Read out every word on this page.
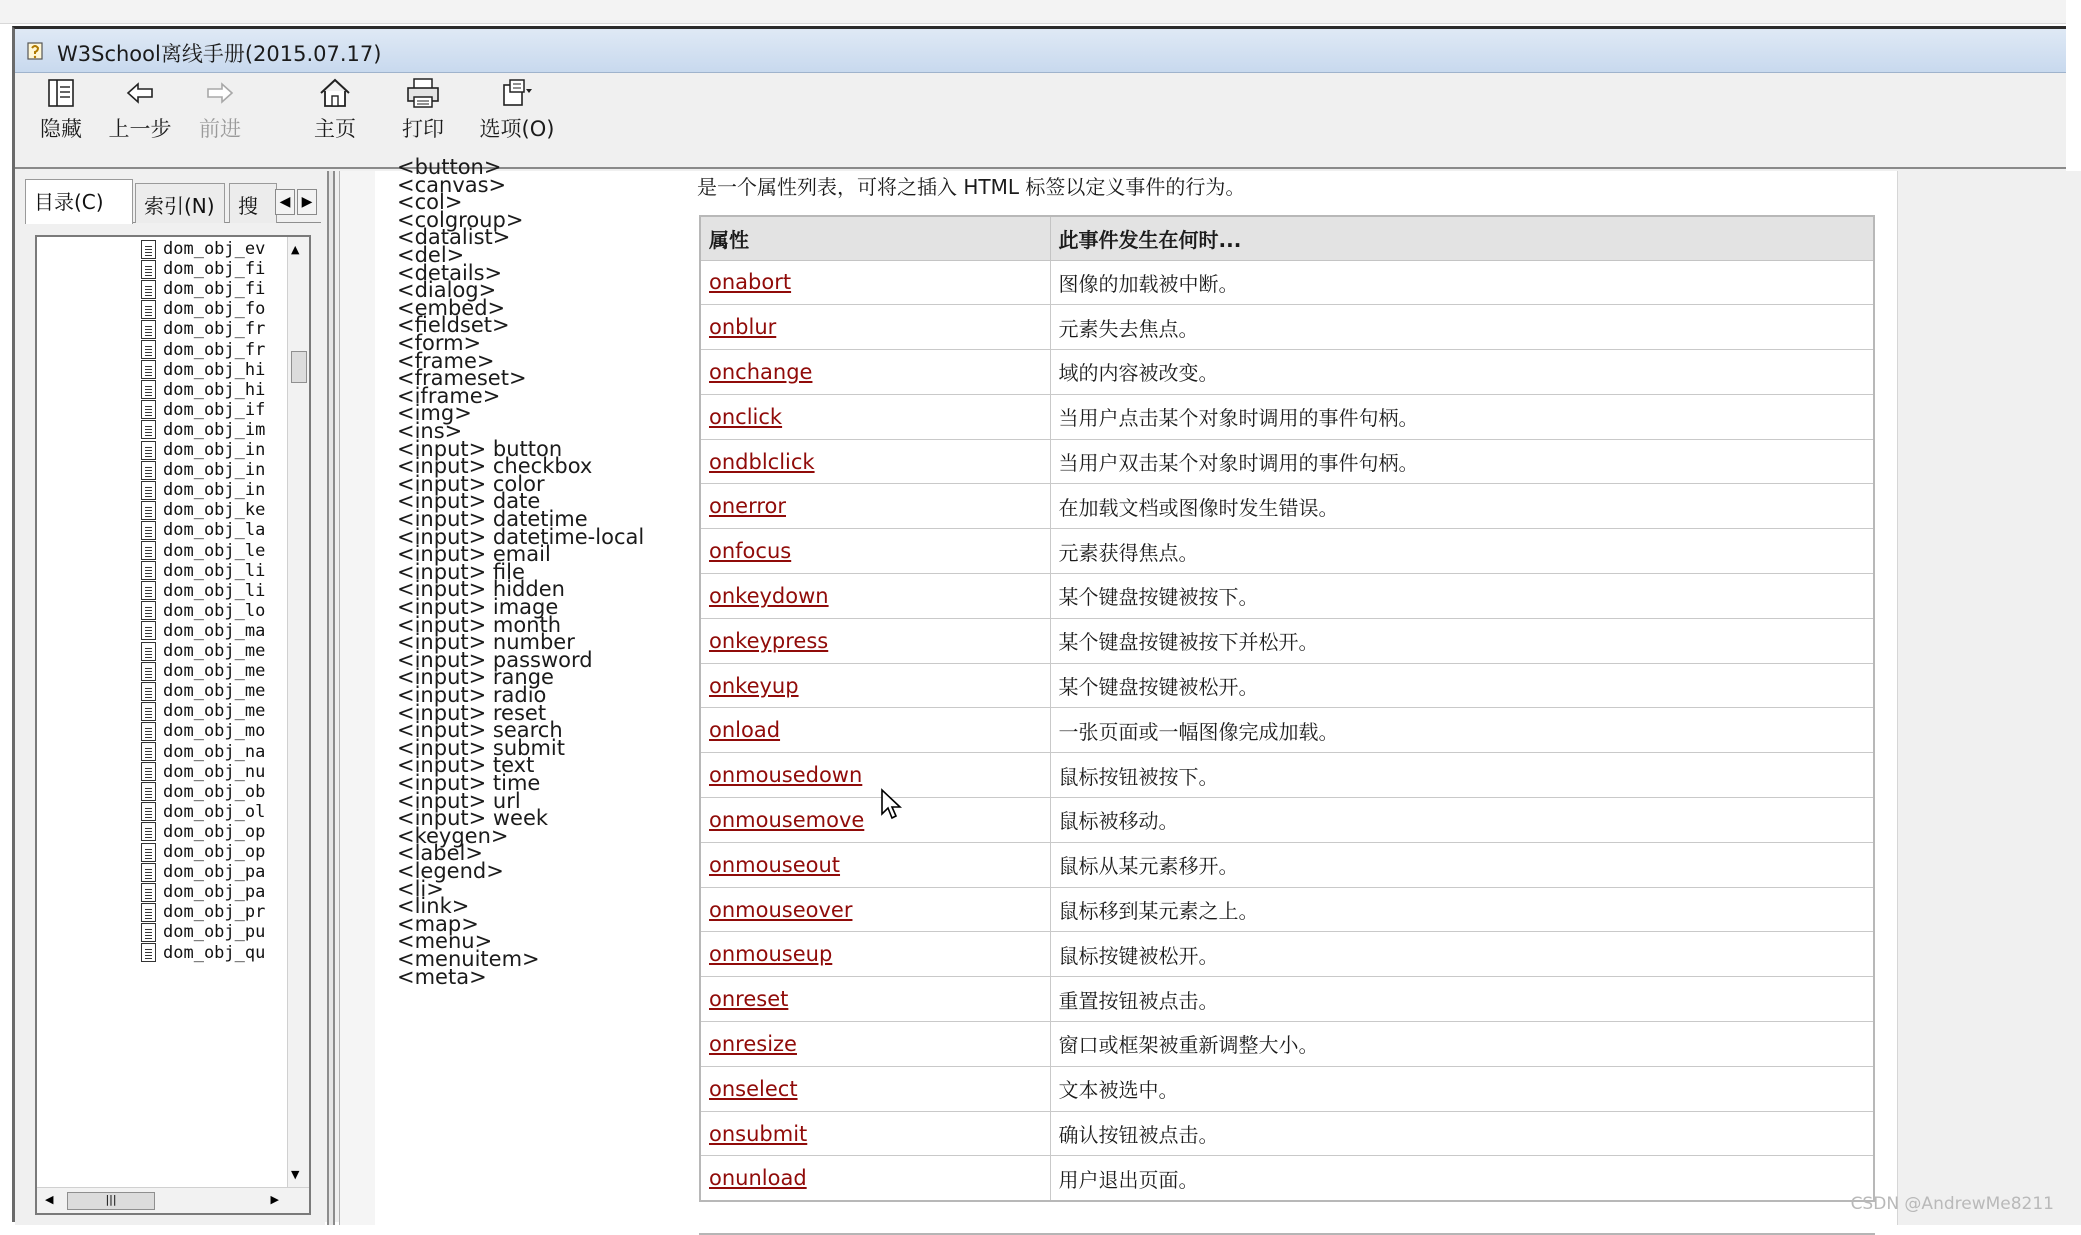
W3School离线手册(2015.07.17)
隐藏	上一步	前进	主页	打印	选项(O)
目录(C)	索引(N)	搜	◀ ▶
dom_obj_ev
dom_obj_fi
dom_obj_fi
dom_obj_fo
dom_obj_fr
dom_obj_fr
dom_obj_hi
dom_obj_hi
dom_obj_if
dom_obj_im
dom_obj_in
dom_obj_in
dom_obj_in
dom_obj_ke
dom_obj_la
dom_obj_le
dom_obj_li
dom_obj_li
dom_obj_lo
dom_obj_ma
dom_obj_me
dom_obj_me
dom_obj_me
dom_obj_me
dom_obj_mo
dom_obj_na
dom_obj_nu
dom_obj_ob
dom_obj_ol
dom_obj_op
dom_obj_op
dom_obj_pa
dom_obj_pa
dom_obj_pr
dom_obj_pu
dom_obj_qu
▲
▼
◀	|||	▶
<button>
<canvas>
<col>
<colgroup>
<datalist>
<del>
<details>
<dialog>
<embed>
<fieldset>
<form>
<frame>
<frameset>
<iframe>
<img>
<ins>
<input> button
<input> checkbox
<input> color
<input> date
<input> datetime
<input> datetime-local
<input> email
<input> file
<input> hidden
<input> image
<input> month
<input> number
<input> password
<input> range
<input> radio
<input> reset
<input> search
<input> submit
<input> text
<input> time
<input> url
<input> week
<keygen>
<label>
<legend>
<li>
<link>
<map>
<menu>
<menuitem>
<meta>
是一个属性列表，可将之插入 HTML 标签以定义事件的行为。
属性	此事件发生在何时...
onabort	图像的加载被中断。
onblur	元素失去焦点。
onchange	域的内容被改变。
onclick	当用户点击某个对象时调用的事件句柄。
ondblclick	当用户双击某个对象时调用的事件句柄。
onerror	在加载文档或图像时发生错误。
onfocus	元素获得焦点。
onkeydown	某个键盘按键被按下。
onkeypress	某个键盘按键被按下并松开。
onkeyup	某个键盘按键被松开。
onload	一张页面或一幅图像完成加载。
onmousedown	鼠标按钮被按下。
onmousemove	鼠标被移动。
onmouseout	鼠标从某元素移开。
onmouseover	鼠标移到某元素之上。
onmouseup	鼠标按键被松开。
onreset	重置按钮被点击。
onresize	窗口或框架被重新调整大小。
onselect	文本被选中。
onsubmit	确认按钮被点击。
onunload	用户退出页面。
CSDN @AndrewMe8211
